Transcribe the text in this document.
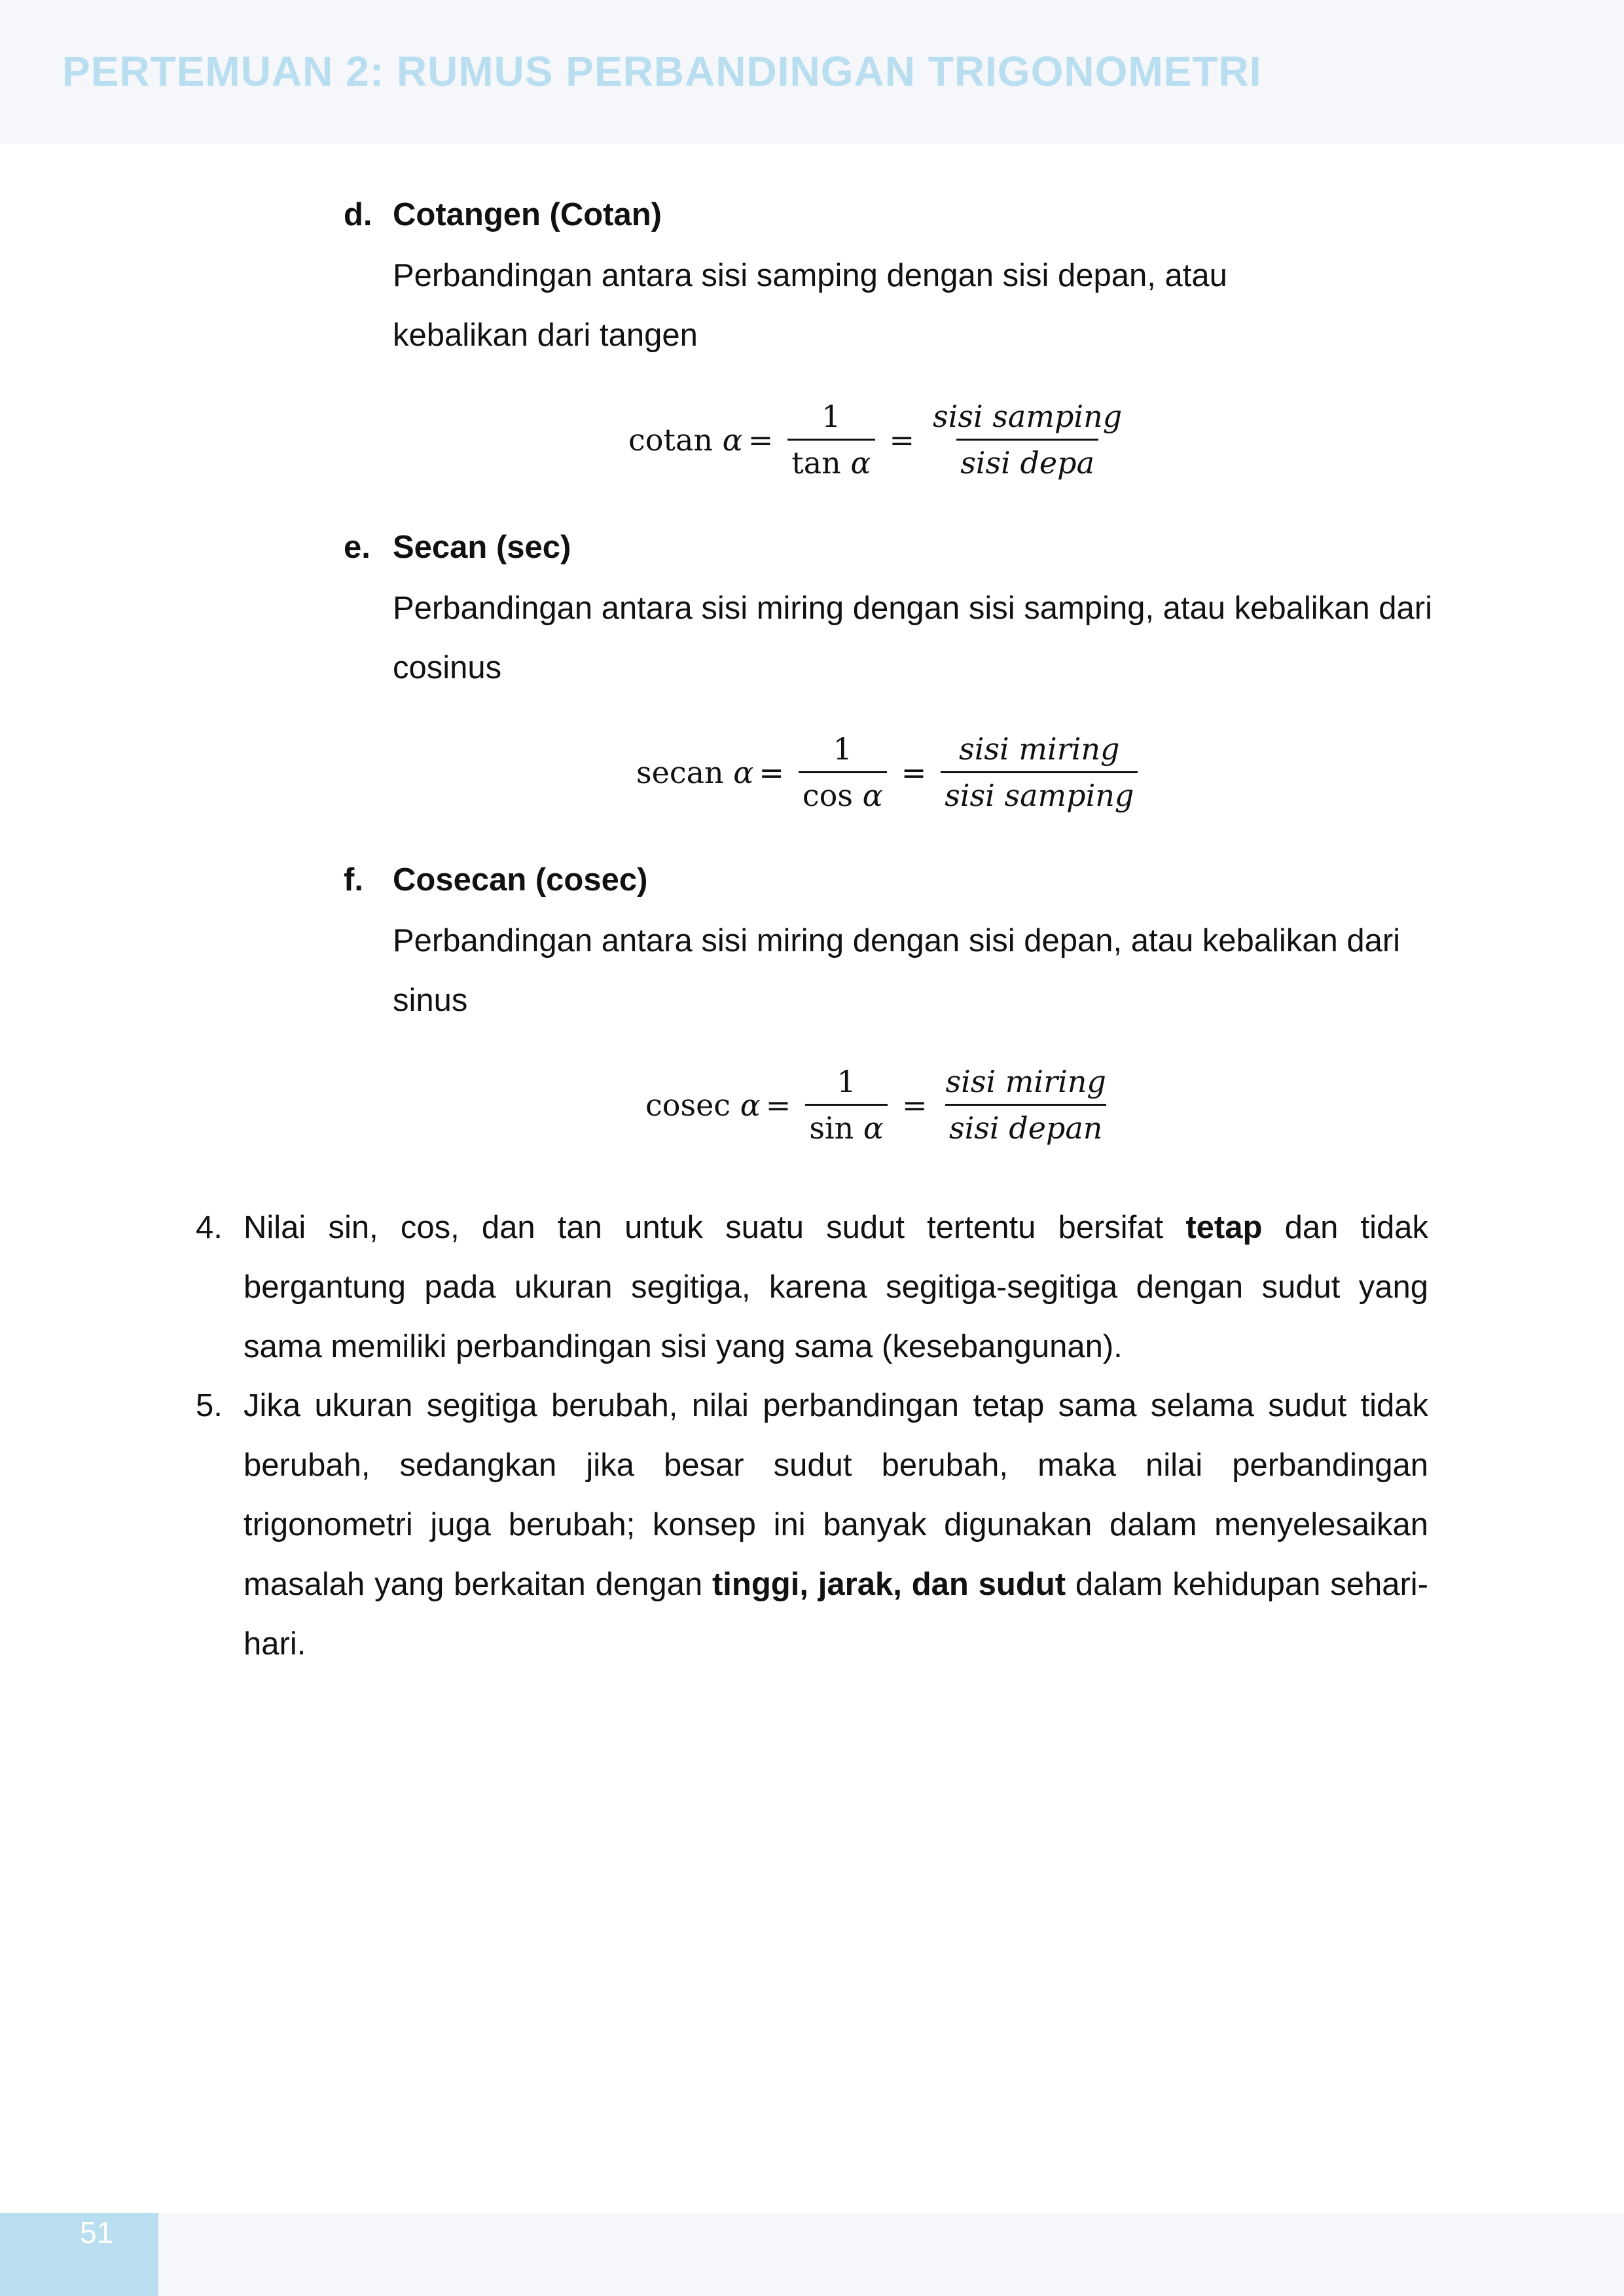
PERTEMUAN 2: RUMUS PERBANDINGAN TRIGONOMETRI
d. Cotangen (Cotan)
Perbandingan antara sisi samping dengan sisi depan, atau kebalikan dari tangen
cotan $\alpha = \frac{1}{\text{tan α}} = \frac{\text{sisi samping}}{\text{sisi depa}}$
e. Secan (sec)
Perbandingan antara sisi miring dengan sisi samping, atau kebalikan dari cosinus
secan $\alpha = \frac{1}{\text{cos α}} = \frac{\text{sisi miring}}{\text{sisi samping}}$
f. Cosecan (cosec)
Perbandingan antara sisi miring dengan sisi depan, atau kebalikan dari sinus
cosec $\alpha = \frac{1}{\text{sin α}} = \frac{\text{sisi miring}}{\text{sisi depan}}$
4. Nilai sin, cos, dan tan untuk suatu sudut tertentu bersifat tetap dan tidak bergantung pada ukuran segitiga, karena segitiga-segitiga dengan sudut yang sama memiliki perbandingan sisi yang sama (kesebangunan).
5. Jika ukuran segitiga berubah, nilai perbandingan tetap sama selama sudut tidak berubah, sedangkan jika besar sudut berubah, maka nilai perbandingan trigonometri juga berubah; konsep ini banyak digunakan dalam menyelesaikan masalah yang berkaitan dengan tinggi, jarak, dan sudut dalam kehidupan sehari-hari.
51
